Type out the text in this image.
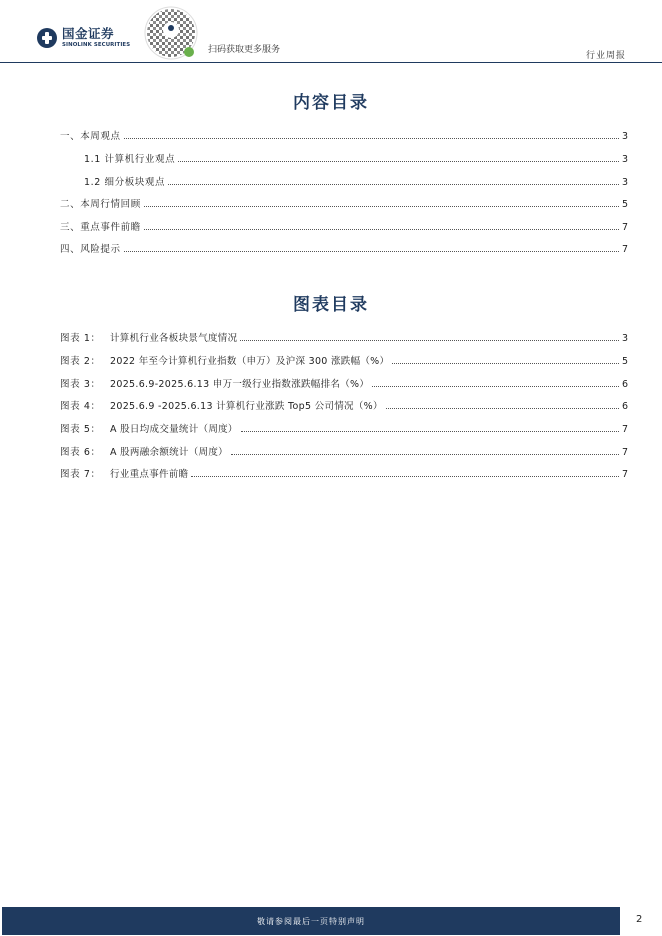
国金证券
SINOLINK SECURITIES
扫码获取更多服务
行业周报
内容目录
一、本周观点	3
1.1 计算机行业观点	3
1.2 细分板块观点	3
二、本周行情回顾	5
三、重点事件前瞻	7
四、风险提示	7
图表目录
图表 1： 计算机行业各板块景气度情况	3
图表 2： 2022 年至今计算机行业指数（申万）及沪深 300 涨跌幅（%）	5
图表 3： 2025.6.9-2025.6.13 申万一级行业指数涨跌幅排名（%）	6
图表 4： 2025.6.9 -2025.6.13 计算机行业涨跌 Top5 公司情况（%）	6
图表 5： A 股日均成交量统计（周度）	7
图表 6： A 股两融余额统计（周度）	7
图表 7： 行业重点事件前瞻	7
敬请参阅最后一页特别声明	2
